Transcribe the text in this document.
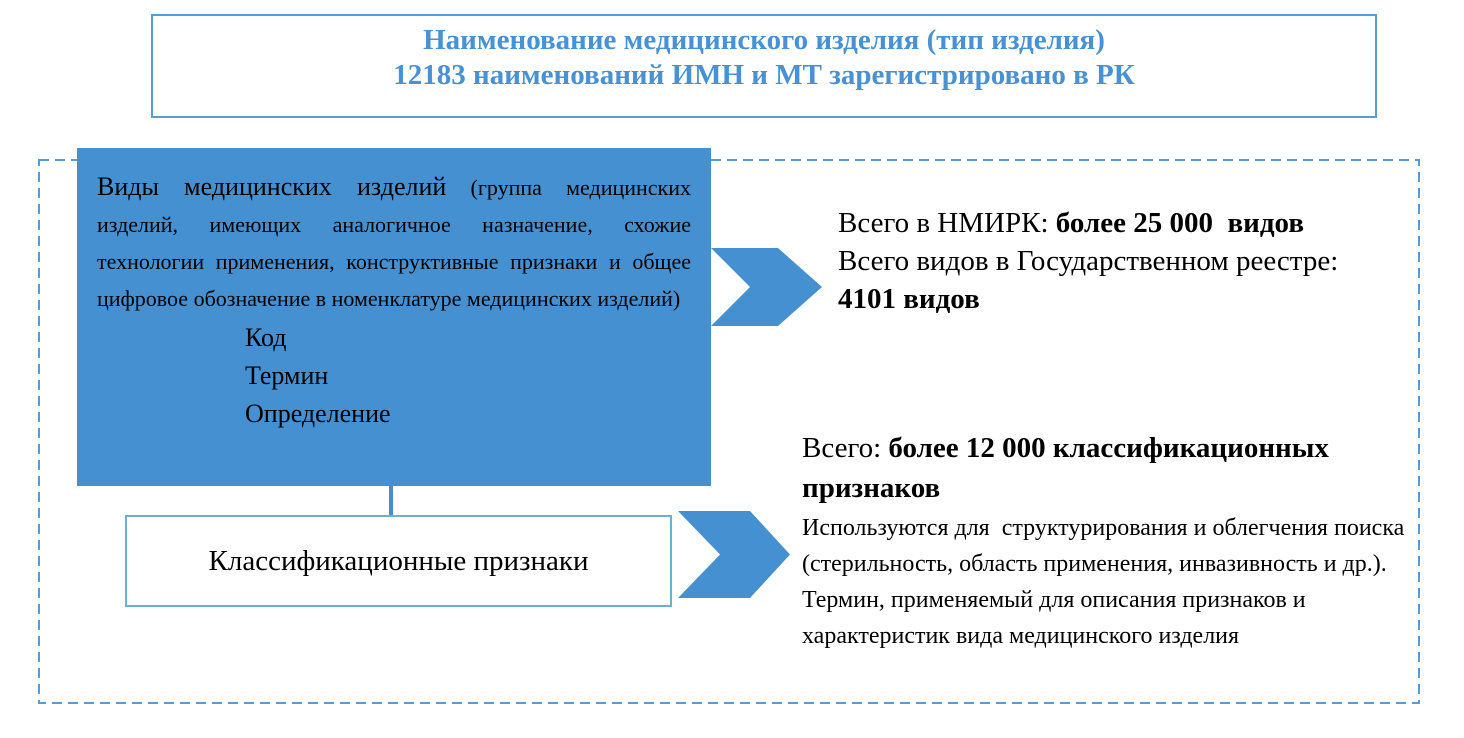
Наименование медицинского изделия (тип изделия)
12183 наименований ИМН и МТ зарегистрировано в РК
Виды медицинских изделий (группа медицинских изделий, имеющих аналогичное назначение, схожие технологии применения, конструктивные признаки и общее цифровое обозначение в номенклатуре медицинских изделий)
Код
Термин
Определение
Всего в НМИРК: более 25 000  видов
Всего видов в Государственном реестре:
4101 видов
Классификационные признаки
Всего: более 12 000 классификационных признаков
Используются для  структурирования и облегчения поиска (стерильность, область применения, инвазивность и др.). Термин, применяемый для описания признаков и характеристик вида медицинского изделия
